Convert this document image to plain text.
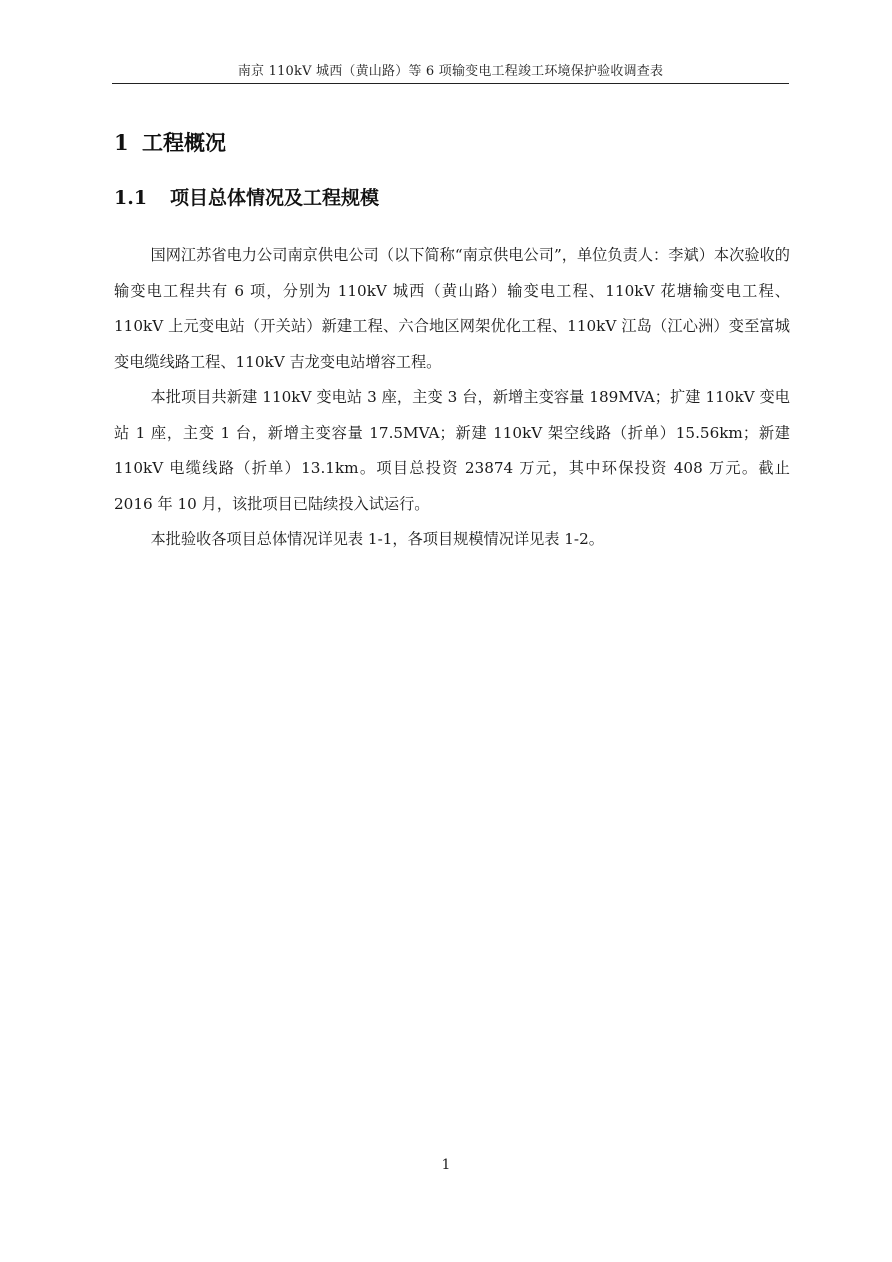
南京 110kV 城西（黄山路）等 6 项输变电工程竣工环境保护验收调查表
1 工程概况
1.1 项目总体情况及工程规模

国网江苏省电力公司南京供电公司（以下简称“南京供电公司”，单位负责人：李斌）本次验收的输变电工程共有 6 项，分别为 110kV 城西（黄山路）输变电工程、110kV 花塘输变电工程、110kV 上元变电站（开关站）新建工程、六合地区网架优化工程、110kV 江岛（江心洲）变至富城变电缆线路工程、110kV 吉龙变电站增容工程。

本批项目共新建 110kV 变电站 3 座，主变 3 台，新增主变容量 189MVA；扩建 110kV 变电站 1 座，主变 1 台，新增主变容量 17.5MVA；新建 110kV 架空线路（折单）15.56km；新建 110kV 电缆线路（折单）13.1km。项目总投资 23874 万元，其中环保投资 408 万元。截止 2016 年 10 月，该批项目已陆续投入试运行。

本批验收各项目总体情况详见表 1-1，各项目规模情况详见表 1-2。

1
